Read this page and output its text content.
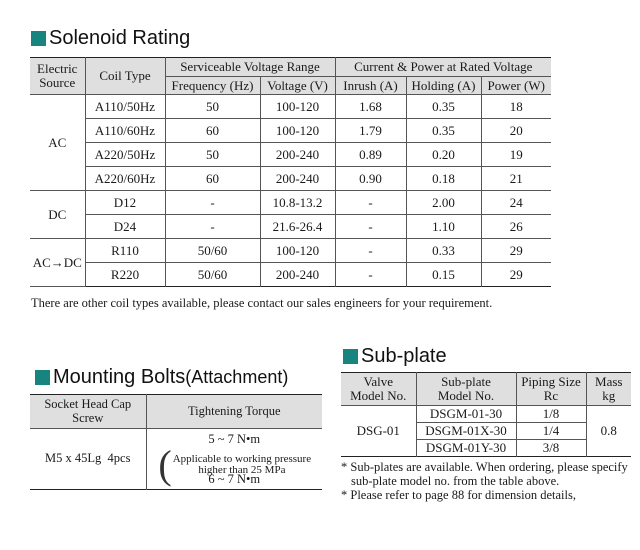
Solenoid Rating
Electric Source	Coil Type	Serviceable Voltage Range		Current & Power at Rated Voltage		
		Frequency (Hz)	Voltage (V)	Inrush (A)	Holding (A)	Power (W)
AC	A110/50Hz	50	100-120	1.68	0.35	18
	A110/60Hz	60	100-120	1.79	0.35	20
	A220/50Hz	50	200-240	0.89	0.20	19
	A220/60Hz	60	200-240	0.90	0.18	21
DC	D12	-	10.8-13.2	-	2.00	24
	D24	-	21.6-26.4	-	1.10	26
AC→DC	R110	50/60	100-120	-	0.33	29
	R220	50/60	200-240	-	0.15	29
There are other coil types available, please contact our sales engineers for your requirement.
Mounting Bolts (Attachment)
Socket Head Cap Screw	Tightening Torque
M5 x 45Lg  4pcs	5 ~ 7 N•m
( Applicable to working pressure
higher than 25 MPa
6 ~ 7 N•m
Sub-plate
Valve Model No.	Sub-plate Model No.	Piping Size Rc	Mass kg
DSG-01	DSGM-01-30	1/8	0.8
	DSGM-01X-30	1/4	
	DSGM-01Y-30	3/8	

* Sub-plates are available. When ordering, please specify

sub-plate model no. from the table above.

* Please refer to page 88 for dimension details,
